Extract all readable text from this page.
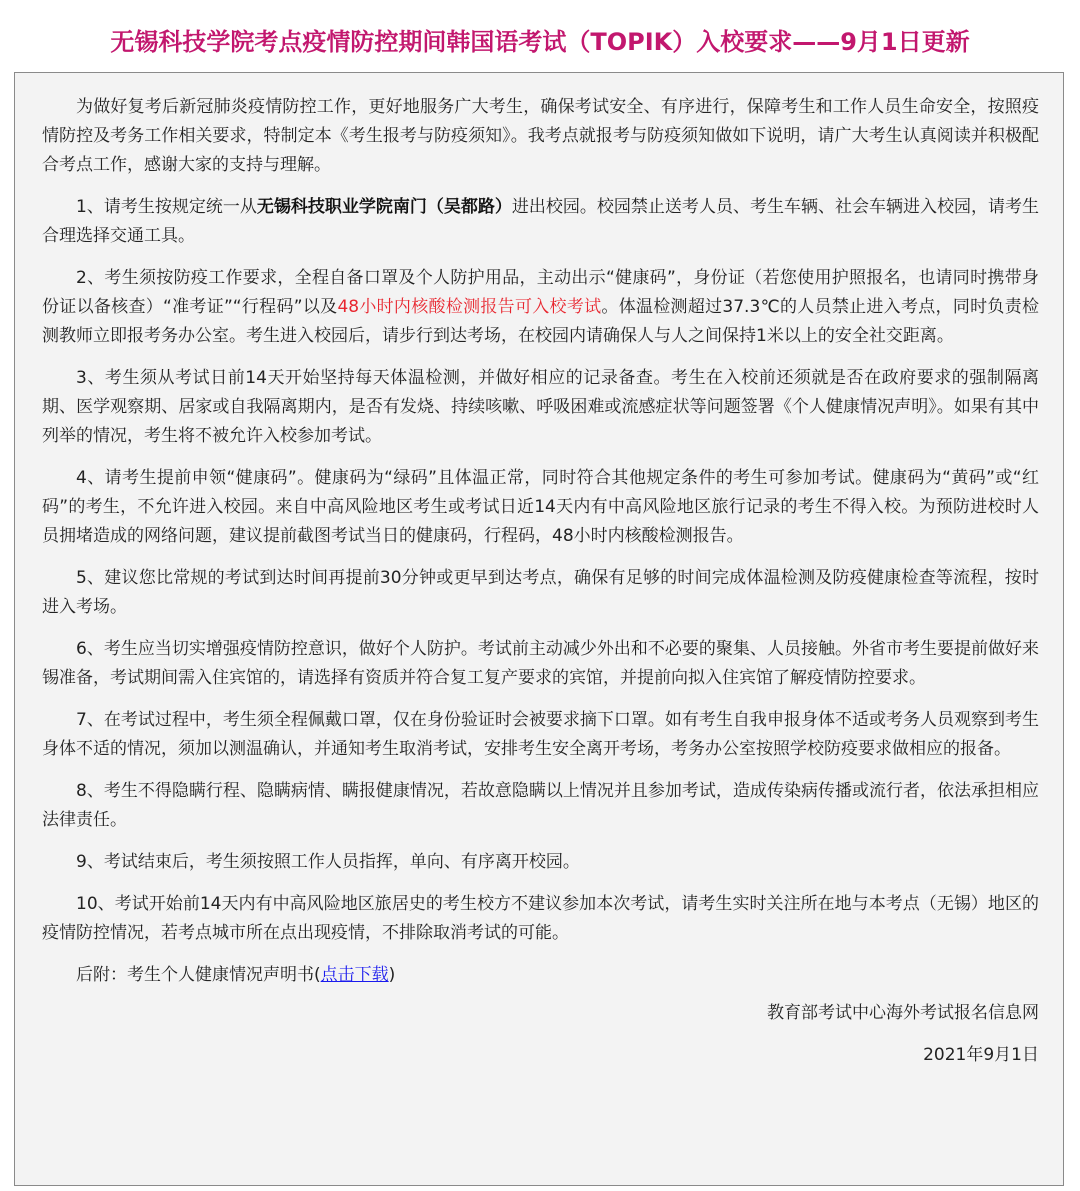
无锡科技学院考点疫情防控期间韩国语考试（TOPIK）入校要求——9月1日更新

为做好复考后新冠肺炎疫情防控工作，更好地服务广大考生，确保考试安全、有序进行，保障考生和工作人员生命安全，按照疫情防控及考务工作相关要求，特制定本《考生报考与防疫须知》。我考点就报考与防疫须知做如下说明，请广大考生认真阅读并积极配合考点工作，感谢大家的支持与理解。

1、请考生按规定统一从无锡科技职业学院南门（吴都路）进出校园。校园禁止送考人员、考生车辆、社会车辆进入校园，请考生合理选择交通工具。

2、考生须按防疫工作要求，全程自备口罩及个人防护用品，主动出示“健康码”，身份证（若您使用护照报名，也请同时携带身份证以备核查）“准考证”“行程码”以及48小时内核酸检测报告可入校考试。体温检测超过37.3℃的人员禁止进入考点，同时负责检测教师立即报考务办公室。考生进入校园后，请步行到达考场，在校园内请确保人与人之间保持1米以上的安全社交距离。

3、考生须从考试日前14天开始坚持每天体温检测，并做好相应的记录备查。考生在入校前还须就是否在政府要求的强制隔离期、医学观察期、居家或自我隔离期内，是否有发烧、持续咳嗽、呼吸困难或流感症状等问题签署《个人健康情况声明》。如果有其中列举的情况，考生将不被允许入校参加考试。

4、请考生提前申领“健康码”。健康码为“绿码”且体温正常，同时符合其他规定条件的考生可参加考试。健康码为“黄码”或“红码”的考生，不允许进入校园。来自中高风险地区考生或考试日近14天内有中高风险地区旅行记录的考生不得入校。为预防进校时人员拥堵造成的网络问题，建议提前截图考试当日的健康码，行程码，48小时内核酸检测报告。

5、建议您比常规的考试到达时间再提前30分钟或更早到达考点，确保有足够的时间完成体温检测及防疫健康检查等流程，按时进入考场。

6、考生应当切实增强疫情防控意识，做好个人防护。考试前主动减少外出和不必要的聚集、人员接触。外省市考生要提前做好来锡准备，考试期间需入住宾馆的，请选择有资质并符合复工复产要求的宾馆，并提前向拟入住宾馆了解疫情防控要求。

7、在考试过程中，考生须全程佩戴口罩，仅在身份验证时会被要求摘下口罩。如有考生自我申报身体不适或考务人员观察到考生身体不适的情况，须加以测温确认，并通知考生取消考试，安排考生安全离开考场，考务办公室按照学校防疫要求做相应的报备。

8、考生不得隐瞒行程、隐瞒病情、瞒报健康情况，若故意隐瞒以上情况并且参加考试，造成传染病传播或流行者，依法承担相应法律责任。

9、考试结束后，考生须按照工作人员指挥，单向、有序离开校园。

10、考试开始前14天内有中高风险地区旅居史的考生校方不建议参加本次考试，请考生实时关注所在地与本考点（无锡）地区的疫情防控情况，若考点城市所在点出现疫情，不排除取消考试的可能。

后附：考生个人健康情况声明书(点击下载)

教育部考试中心海外考试报名信息网

2021年9月1日
